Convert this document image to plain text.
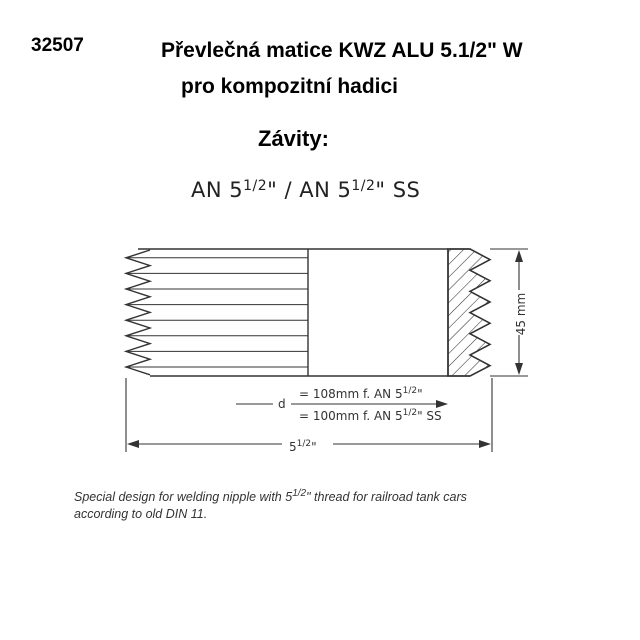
32507	Převlečná matice KWZ ALU 5.1/2" W
pro kompozitní hadici
Závity:
AN $5^{1/2}$" / AN $5^{1/2}$" SS
45 mm
d
= 108mm f. AN $5^{1/2}$"
= 100mm f. AN $5^{1/2}$" SS
$5^{1/2}$"
Special design for welding nipple with $5^{1/2}$" thread for railroad tank cars
according to old DIN 11.
